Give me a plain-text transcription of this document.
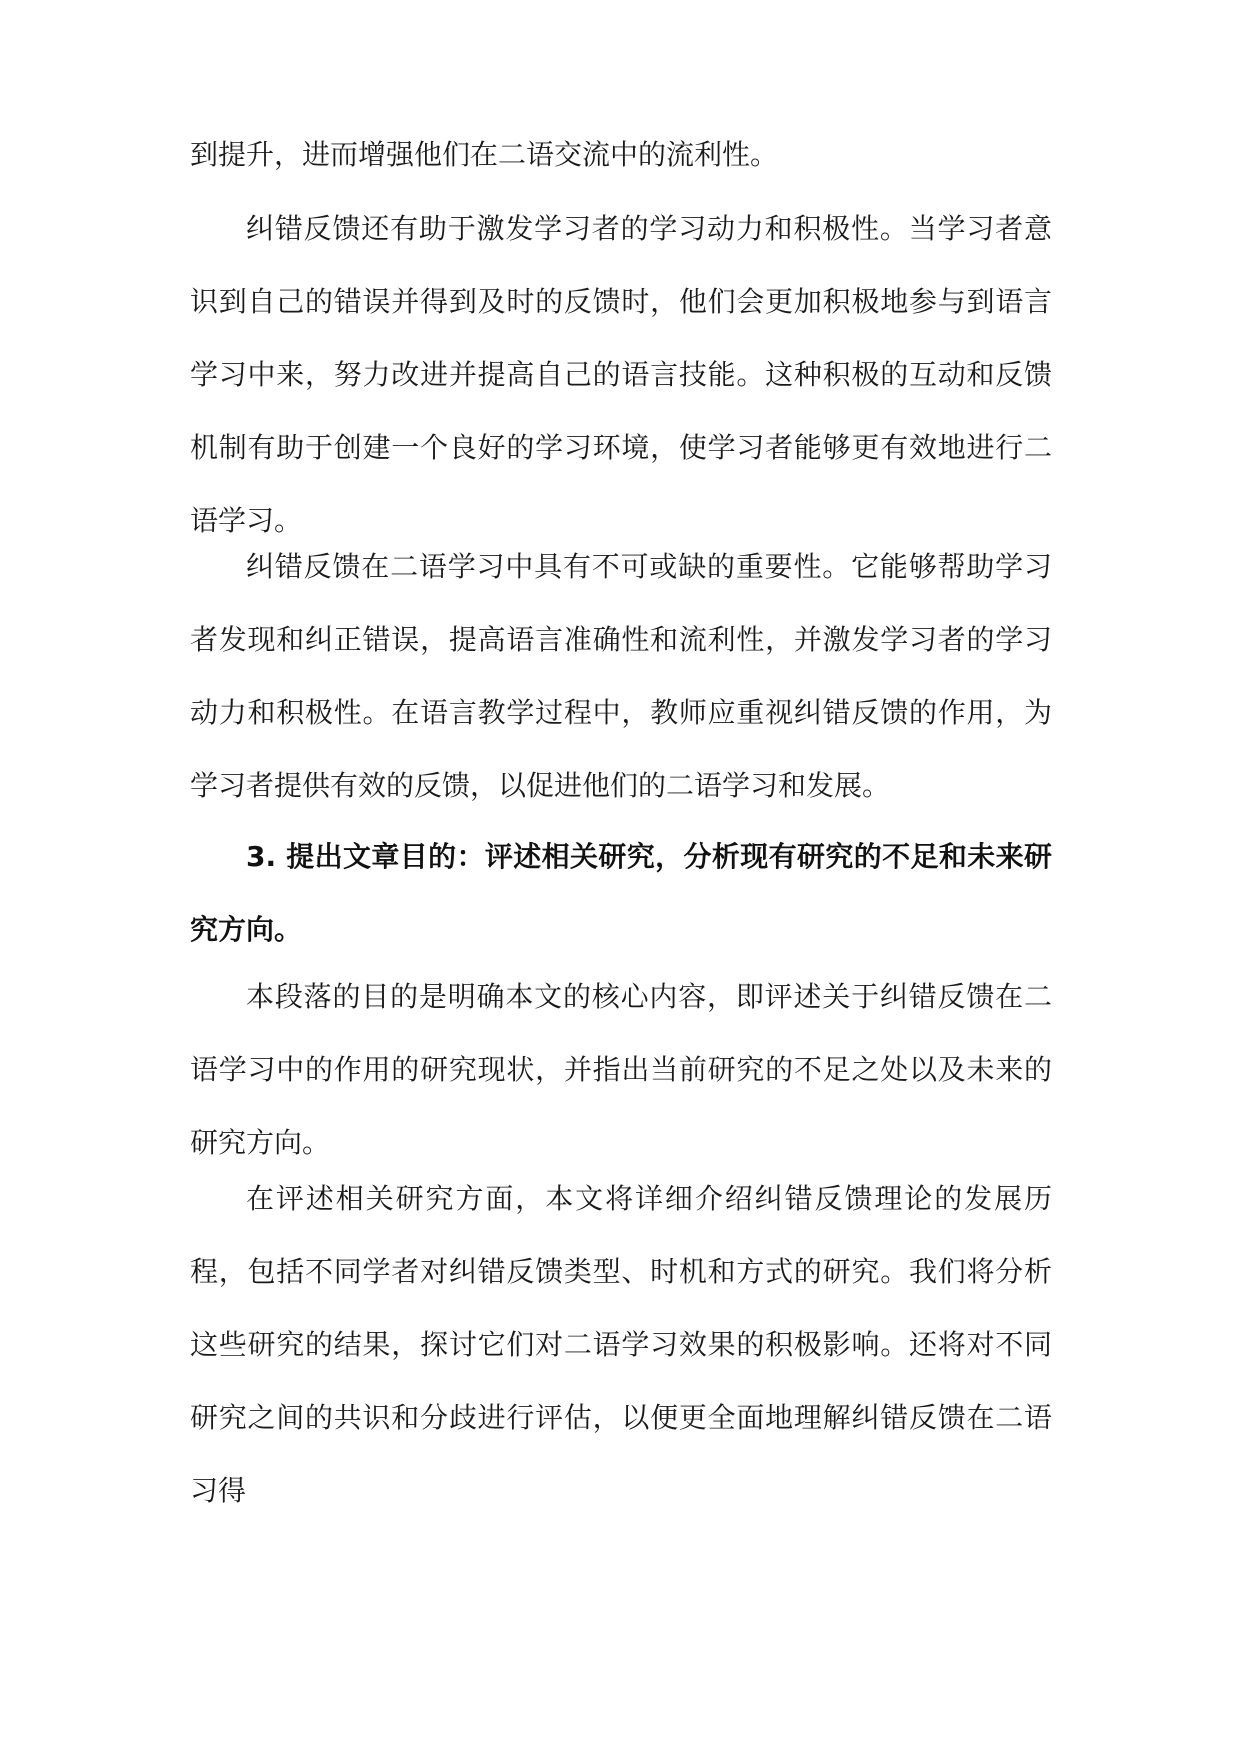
到提升，进而增强他们在二语交流中的流利性。

纠错反馈还有助于激发学习者的学习动力和积极性。当学习者意识到自己的错误并得到及时的反馈时，他们会更加积极地参与到语言学习中来，努力改进并提高自己的语言技能。这种积极的互动和反馈机制有助于创建一个良好的学习环境，使学习者能够更有效地进行二语学习。

纠错反馈在二语学习中具有不可或缺的重要性。它能够帮助学习者发现和纠正错误，提高语言准确性和流利性，并激发学习者的学习动力和积极性。在语言教学过程中，教师应重视纠错反馈的作用，为学习者提供有效的反馈，以促进他们的二语学习和发展。

3. 提出文章目的：评述相关研究，分析现有研究的不足和未来研究方向。

本段落的目的是明确本文的核心内容，即评述关于纠错反馈在二语学习中的作用的研究现状，并指出当前研究的不足之处以及未来的研究方向。

在评述相关研究方面，本文将详细介绍纠错反馈理论的发展历程，包括不同学者对纠错反馈类型、时机和方式的研究。我们将分析这些研究的结果，探讨它们对二语学习效果的积极影响。还将对不同研究之间的共识和分歧进行评估，以便更全面地理解纠错反馈在二语习得
